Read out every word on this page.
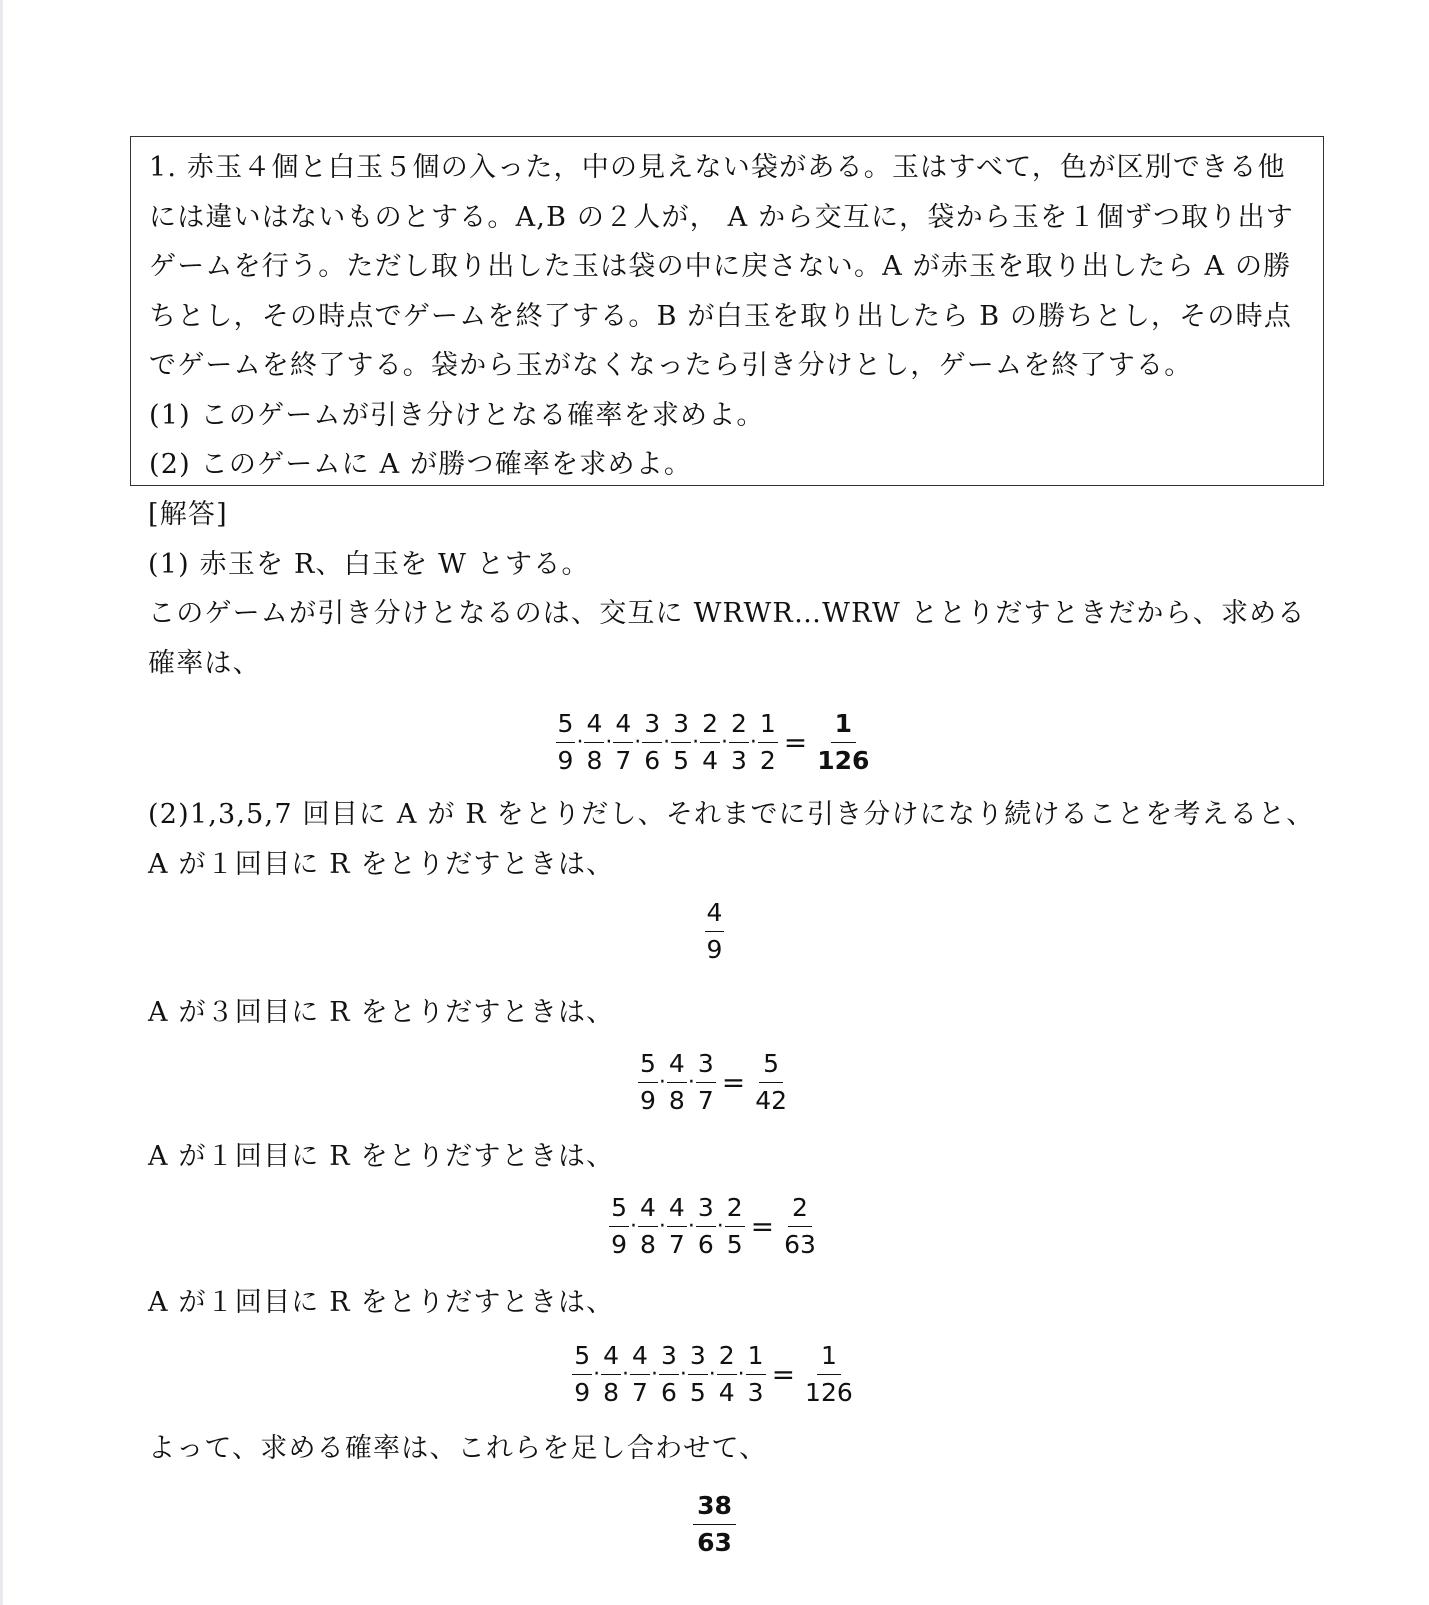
1. 赤玉４個と白玉５個の入った，中の見えない袋がある。玉はすべて，色が区別できる他

には違いはないものとする。A,B の２人が， A から交互に，袋から玉を１個ずつ取り出す

ゲームを行う。ただし取り出した玉は袋の中に戻さない。A が赤玉を取り出したら A の勝

ちとし，その時点でゲームを終了する。B が白玉を取り出したら B の勝ちとし，その時点

でゲームを終了する。袋から玉がなくなったら引き分けとし，ゲームを終了する。

(1) このゲームが引き分けとなる確率を求めよ。

(2) このゲームに A が勝つ確率を求めよ。

[解答]
(1) 赤玉を R、白玉を W とする。
このゲームが引き分けとなるのは、交互に WRWR…WRW ととりだすときだから、求める
確率は、
$\frac{5}{9} \cdot \frac{4}{8} \cdot \frac{4}{7} \cdot \frac{3}{6} \cdot \frac{3}{5} \cdot \frac{2}{4} \cdot \frac{2}{3} \cdot \frac{1}{2} = \frac{1}{126}$
(2)1,3,5,7 回目に A が R をとりだし、それまでに引き分けになり続けることを考えると、
A が１回目に R をとりだすときは、
$\frac{4}{9}$
A が３回目に R をとりだすときは、
$\frac{5}{9} \cdot \frac{4}{8} \cdot \frac{3}{7} = \frac{5}{42}$
A が１回目に R をとりだすときは、
$\frac{5}{9} \cdot \frac{4}{8} \cdot \frac{4}{7} \cdot \frac{3}{6} \cdot \frac{2}{5} = \frac{2}{63}$
A が１回目に R をとりだすときは、
$\frac{5}{9} \cdot \frac{4}{8} \cdot \frac{4}{7} \cdot \frac{3}{6} \cdot \frac{3}{5} \cdot \frac{2}{4} \cdot \frac{1}{3} = \frac{1}{126}$
よって、求める確率は、これらを足し合わせて、
$\frac{38}{63}$
